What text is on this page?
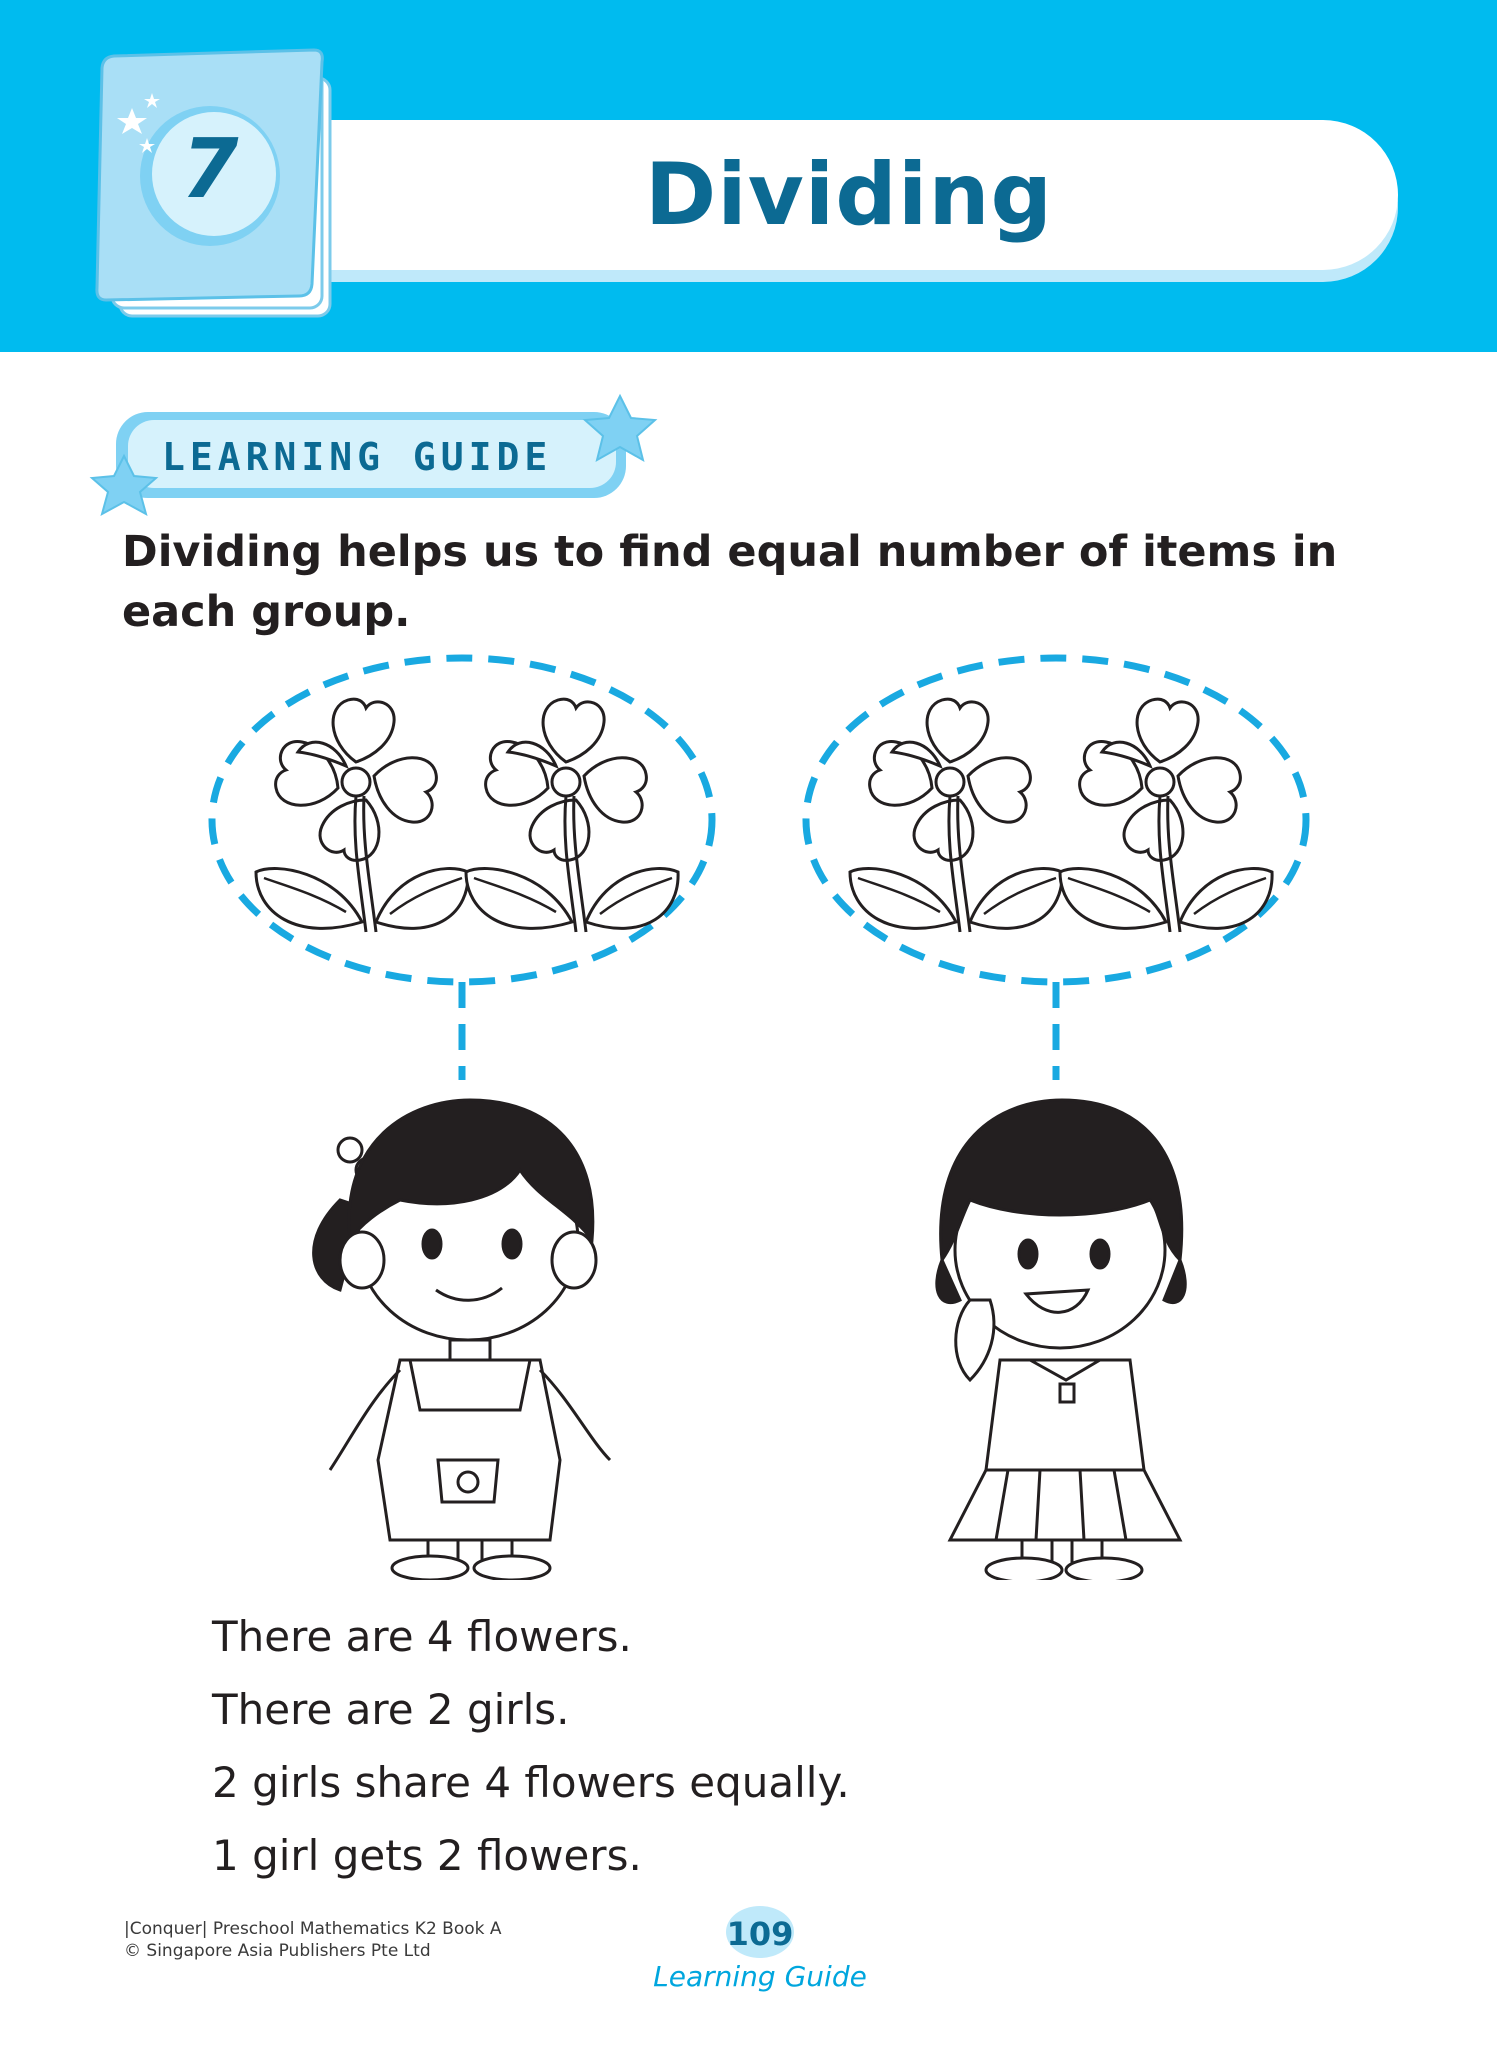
Dividing
7
LEARNING GUIDE

Dividing helps us to find equal number of items in each group.

There are 4 flowers.
There are 2 girls.
2 girls share 4 flowers equally.
1 girl gets 2 flowers.
|Conquer| Preschool Mathematics K2 Book A
© Singapore Asia Publishers Pte Ltd	109
Learning Guide
